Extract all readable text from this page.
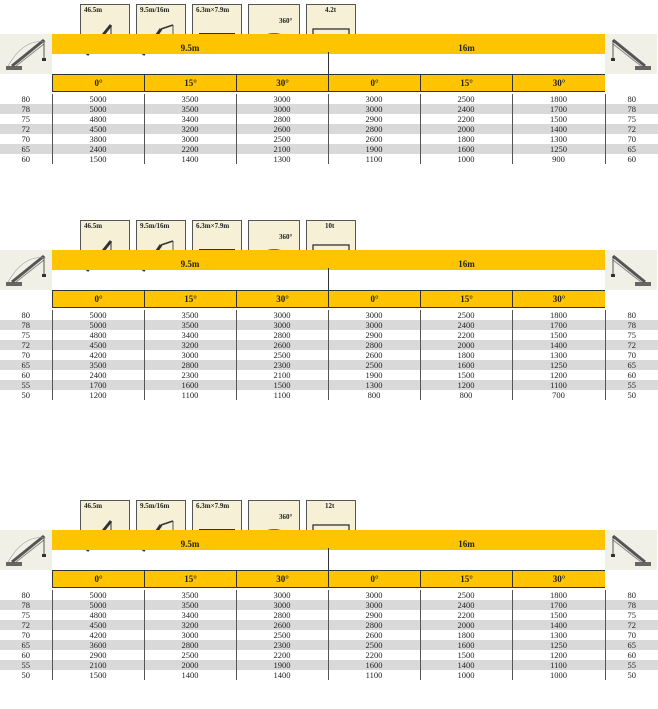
46.5m	9.5m/16m	6.3m×7.9m
360°
4.2t
9.5m	16m
0°	15°	30°	0°	15°	30°
80	5000	3500	3000	3000	2500	1800	80
78	5000	3500	3000	3000	2400	1700	78
75	4800	3400	2800	2900	2200	1500	75
72	4500	3200	2600	2800	2000	1400	72
70	3800	3000	2500	2600	1800	1300	70
65	2400	2200	2100	1900	1600	1250	65
60	1500	1400	1300	1100	1000	900	60
46.5m	9.5m/16m	6.3m×7.9m
360°
10t
9.5m	16m
0°	15°	30°	0°	15°	30°
80	5000	3500	3000	3000	2500	1800	80
78	5000	3500	3000	3000	2400	1700	78
75	4800	3400	2800	2900	2200	1500	75
72	4500	3200	2600	2800	2000	1400	72
70	4200	3000	2500	2600	1800	1300	70
65	3500	2800	2300	2500	1600	1250	65
60	2400	2300	2100	1900	1500	1200	60
55	1700	1600	1500	1300	1200	1100	55
50	1200	1100	1100	800	800	700	50
46.5m	9.5m/16m	6.3m×7.9m
360°
12t
9.5m	16m
0°	15°	30°	0°	15°	30°
80	5000	3500	3000	3000	2500	1800	80
78	5000	3500	3000	3000	2400	1700	78
75	4800	3400	2800	2900	2200	1500	75
72	4500	3200	2600	2800	2000	1400	72
70	4200	3000	2500	2600	1800	1300	70
65	3600	2800	2300	2500	1600	1250	65
60	2900	2500	2200	2200	1500	1200	60
55	2100	2000	1900	1600	1400	1100	55
50	1500	1400	1400	1100	1000	1000	50
